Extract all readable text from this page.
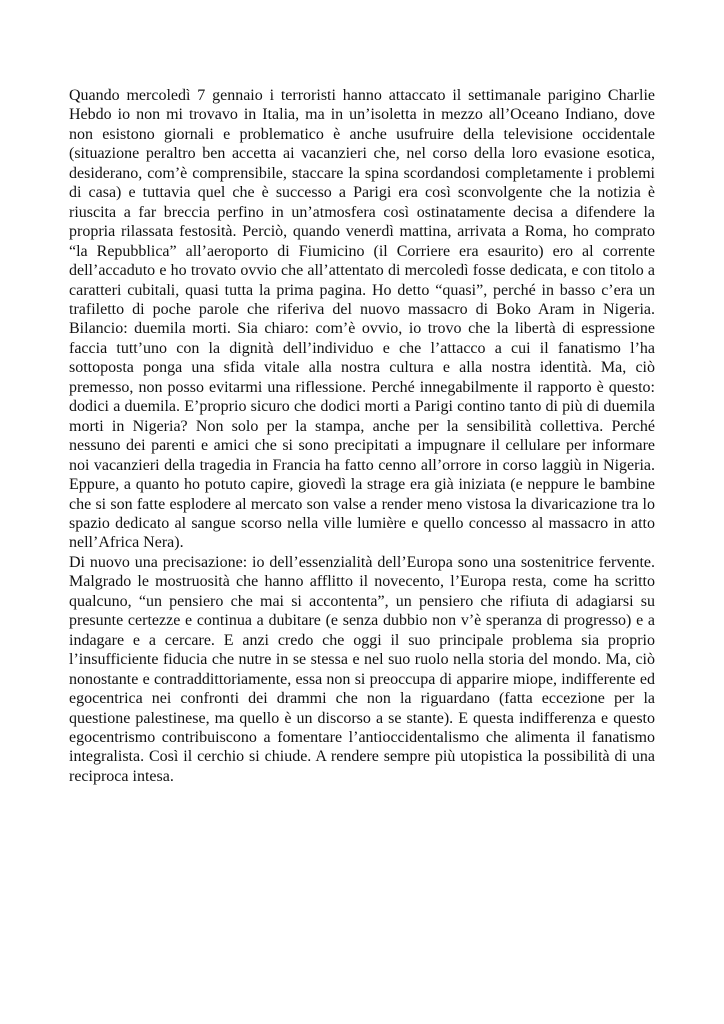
Quando mercoledì 7 gennaio i terroristi hanno attaccato il settimanale parigino Charlie Hebdo io non mi trovavo in Italia, ma in un’isoletta in mezzo all’Oceano Indiano, dove non esistono giornali e problematico è anche usufruire della televisione occidentale (situazione peraltro ben accetta ai vacanzieri che, nel corso della loro evasione esotica, desiderano, com’è comprensibile, staccare la spina scordandosi completamente i problemi di casa) e tuttavia quel che è successo a Parigi era così sconvolgente che la notizia è riuscita a far breccia perfino in un’atmosfera così ostinatamente decisa a difendere la propria rilassata festosità. Perciò, quando venerdì mattina, arrivata a Roma, ho comprato “la Repubblica” all’aeroporto di Fiumicino (il Corriere era esaurito) ero al corrente dell’accaduto e ho trovato ovvio che all’attentato di mercoledì fosse dedicata, e con titolo a caratteri cubitali, quasi tutta la prima pagina. Ho detto “quasi”, perché in basso c’era un trafiletto di poche parole che riferiva del nuovo massacro di Boko Aram in Nigeria. Bilancio: duemila morti. Sia chiaro: com’è ovvio, io trovo che la libertà di espressione faccia tutt’uno con la dignità dell’individuo e che l’attacco a cui il fanatismo l’ha sottoposta ponga una sfida vitale alla nostra cultura e alla nostra identità. Ma, ciò premesso, non posso evitarmi una riflessione. Perché innegabilmente il rapporto è questo: dodici a duemila. E’proprio sicuro che dodici morti a Parigi contino tanto di più di duemila morti in Nigeria? Non solo per la stampa, anche per la sensibilità collettiva. Perché nessuno dei parenti e amici che si sono precipitati a impugnare il cellulare per informare noi vacanzieri della tragedia in Francia ha fatto cenno all’orrore in corso laggiù in Nigeria. Eppure, a quanto ho potuto capire, giovedì la strage era già iniziata (e neppure le bambine che si son fatte esplodere al mercato son valse a render meno vistosa la divaricazione tra lo spazio dedicato al sangue scorso nella ville lumière e quello concesso al massacro in atto nell’Africa Nera).

Di nuovo una precisazione: io dell’essenzialità dell’Europa sono una sostenitrice fervente. Malgrado le mostruosità che hanno afflitto il novecento, l’Europa resta, come ha scritto qualcuno, “un pensiero che mai si accontenta”, un pensiero che rifiuta di adagiarsi su presunte certezze e continua a dubitare (e senza dubbio non v’è speranza di progresso) e a indagare e a cercare. E anzi credo che oggi il suo principale problema sia proprio l’insufficiente fiducia che nutre in se stessa e nel suo ruolo nella storia del mondo. Ma, ciò nonostante e contraddittoriamente, essa non si preoccupa di apparire miope, indifferente ed egocentrica nei confronti dei drammi che non la riguardano (fatta eccezione per la questione palestinese, ma quello è un discorso a se stante). E questa indifferenza e questo egocentrismo contribuiscono a fomentare l’antioccidentalismo che alimenta il fanatismo integralista. Così il cerchio si chiude. A rendere sempre più utopistica la possibilità di una reciproca intesa.
